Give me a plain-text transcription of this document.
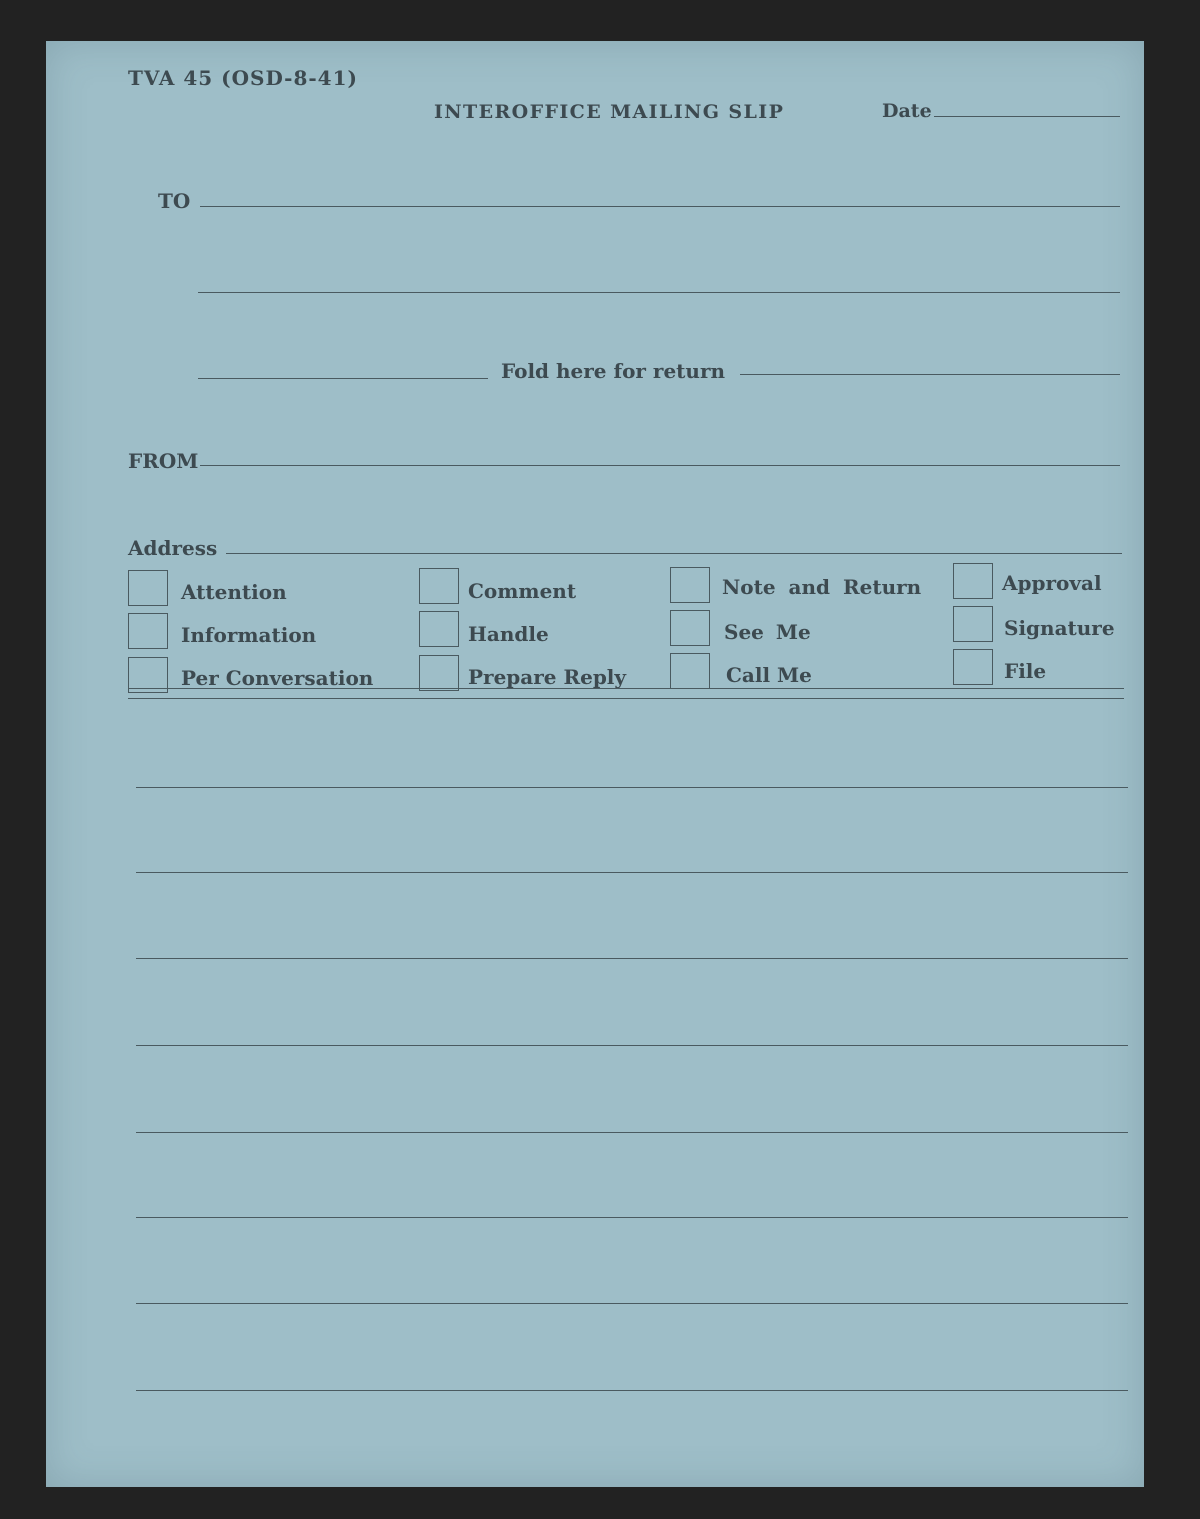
TVA 45 (OSD-8-41)
INTEROFFICE MAILING SLIP	Date
TO
Fold here for return
FROM
Address
Attention
Information
Per Conversation
Comment
Handle
Prepare Reply
Note and Return
See Me
Call Me
Approval
Signature
File
